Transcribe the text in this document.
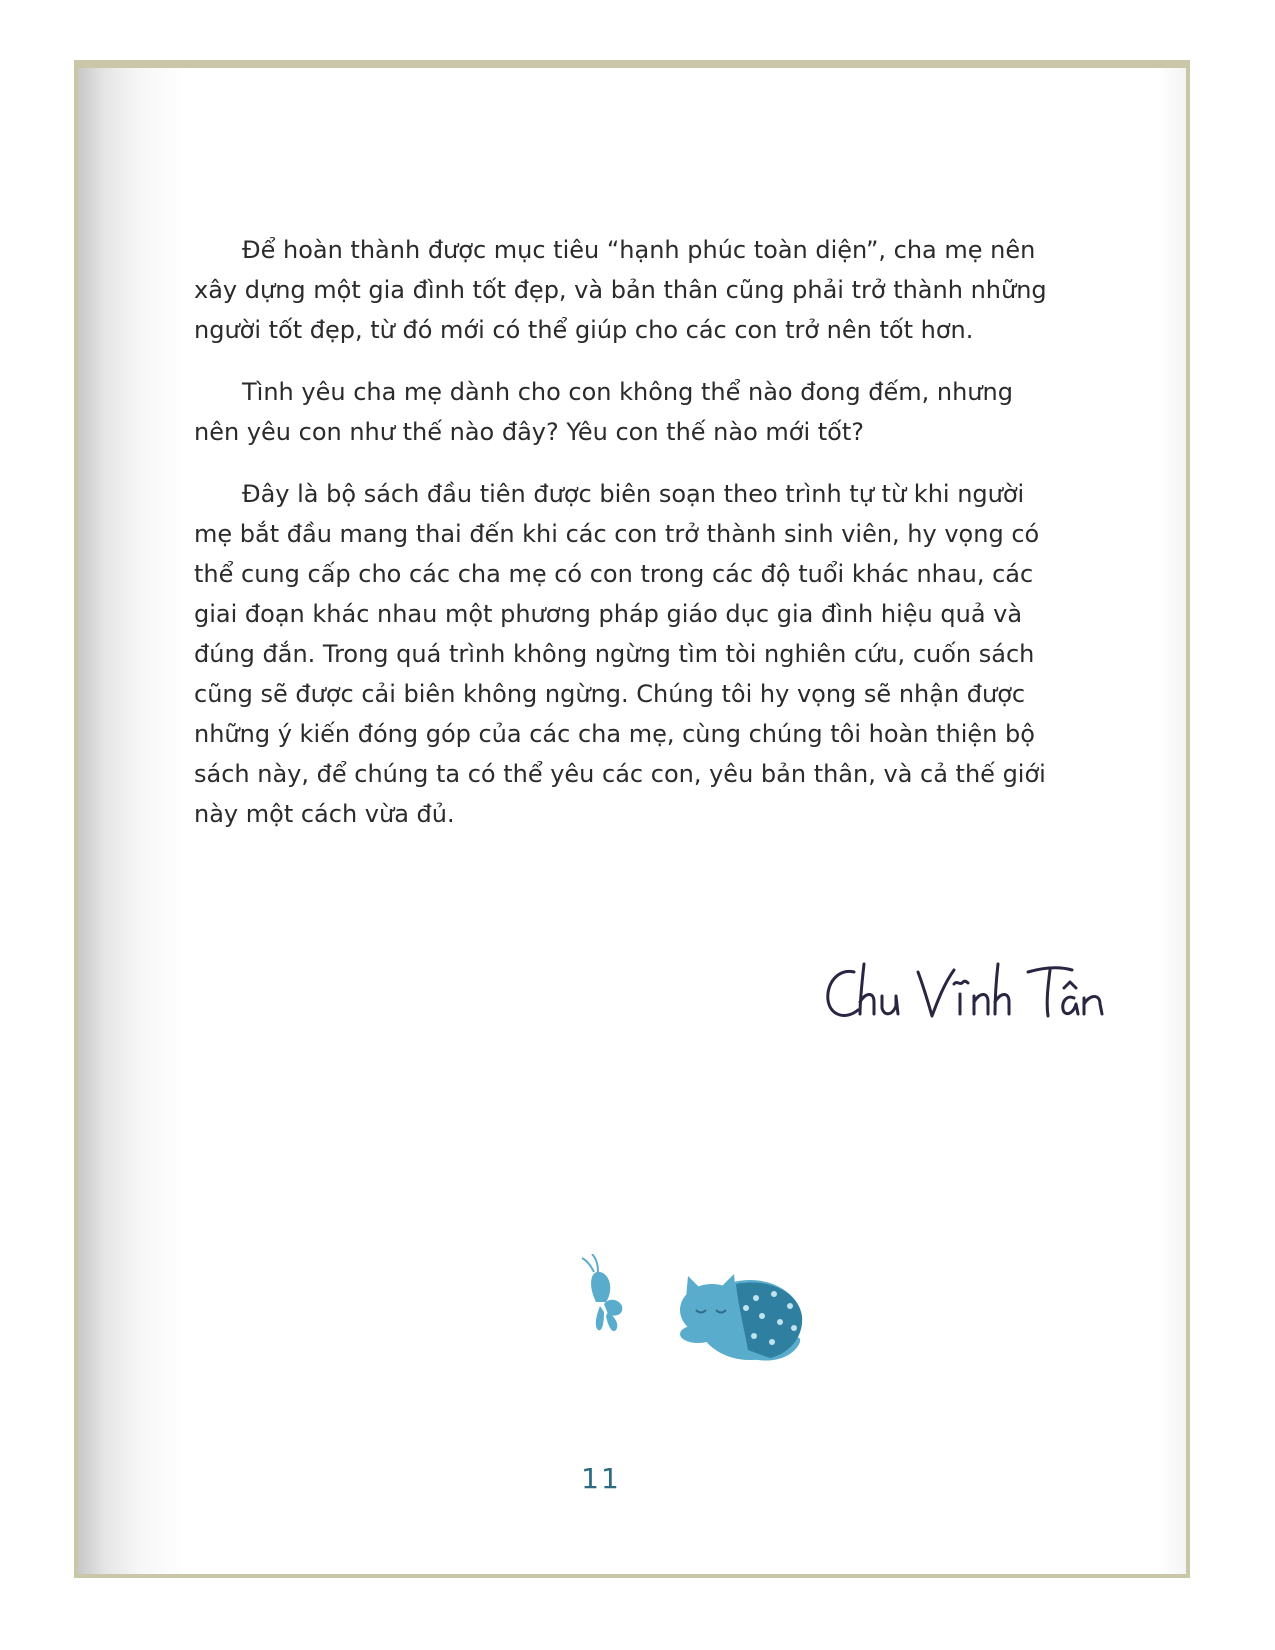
Để hoàn thành được mục tiêu “hạnh phúc toàn diện”, cha mẹ nên
xây dựng một gia đình tốt đẹp, và bản thân cũng phải trở thành những
người tốt đẹp, từ đó mới có thể giúp cho các con trở nên tốt hơn.

Tình yêu cha mẹ dành cho con không thể nào đong đếm, nhưng
nên yêu con như thế nào đây? Yêu con thế nào mới tốt?

Đây là bộ sách đầu tiên được biên soạn theo trình tự từ khi người
mẹ bắt đầu mang thai đến khi các con trở thành sinh viên, hy vọng có
thể cung cấp cho các cha mẹ có con trong các độ tuổi khác nhau, các
giai đoạn khác nhau một phương pháp giáo dục gia đình hiệu quả và
đúng đắn. Trong quá trình không ngừng tìm tòi nghiên cứu, cuốn sách
cũng sẽ được cải biên không ngừng. Chúng tôi hy vọng sẽ nhận được
những ý kiến đóng góp của các cha mẹ, cùng chúng tôi hoàn thiện bộ
sách này, để chúng ta có thể yêu các con, yêu bản thân, và cả thế giới
này một cách vừa đủ.

11
